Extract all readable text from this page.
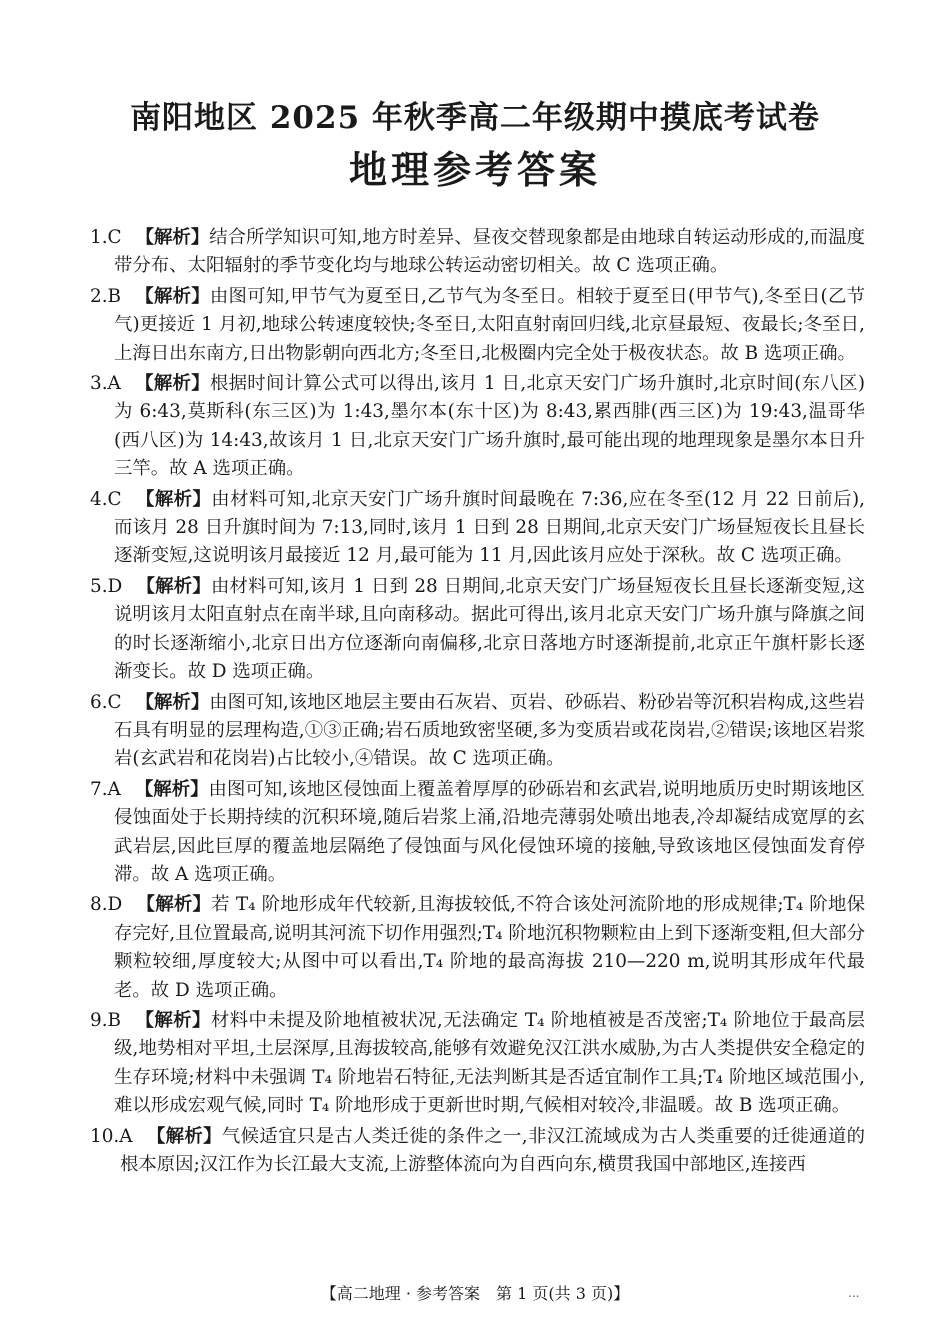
南阳地区 2025 年秋季高二年级期中摸底考试卷
地理参考答案
1.C 【解析】结合所学知识可知,地方时差异、昼夜交替现象都是由地球自转运动形成的,而温度带分布、太阳辐射的季节变化均与地球公转运动密切相关。故 C 选项正确。
2.B 【解析】由图可知,甲节气为夏至日,乙节气为冬至日。相较于夏至日(甲节气),冬至日(乙节气)更接近 1 月初,地球公转速度较快;冬至日,太阳直射南回归线,北京昼最短、夜最长;冬至日,上海日出东南方,日出物影朝向西北方;冬至日,北极圈内完全处于极夜状态。故 B 选项正确。
3.A 【解析】根据时间计算公式可以得出,该月 1 日,北京天安门广场升旗时,北京时间(东八区)为 6:43,莫斯科(东三区)为 1:43,墨尔本(东十区)为 8:43,累西腓(西三区)为 19:43,温哥华(西八区)为 14:43,故该月 1 日,北京天安门广场升旗时,最可能出现的地理现象是墨尔本日升三竿。故 A 选项正确。
4.C 【解析】由材料可知,北京天安门广场升旗时间最晚在 7:36,应在冬至(12 月 22 日前后),而该月 28 日升旗时间为 7:13,同时,该月 1 日到 28 日期间,北京天安门广场昼短夜长且昼长逐渐变短,这说明该月最接近 12 月,最可能为 11 月,因此该月应处于深秋。故 C 选项正确。
5.D 【解析】由材料可知,该月 1 日到 28 日期间,北京天安门广场昼短夜长且昼长逐渐变短,这说明该月太阳直射点在南半球,且向南移动。据此可得出,该月北京天安门广场升旗与降旗之间的时长逐渐缩小,北京日出方位逐渐向南偏移,北京日落地方时逐渐提前,北京正午旗杆影长逐渐变长。故 D 选项正确。
6.C 【解析】由图可知,该地区地层主要由石灰岩、页岩、砂砾岩、粉砂岩等沉积岩构成,这些岩石具有明显的层理构造,①③正确;岩石质地致密坚硬,多为变质岩或花岗岩,②错误;该地区岩浆岩(玄武岩和花岗岩)占比较小,④错误。故 C 选项正确。
7.A 【解析】由图可知,该地区侵蚀面上覆盖着厚厚的砂砾岩和玄武岩,说明地质历史时期该地区侵蚀面处于长期持续的沉积环境,随后岩浆上涌,沿地壳薄弱处喷出地表,冷却凝结成宽厚的玄武岩层,因此巨厚的覆盖地层隔绝了侵蚀面与风化侵蚀环境的接触,导致该地区侵蚀面发育停滞。故 A 选项正确。
8.D 【解析】若 T₄ 阶地形成年代较新,且海拔较低,不符合该处河流阶地的形成规律;T₄ 阶地保存完好,且位置最高,说明其河流下切作用强烈;T₄ 阶地沉积物颗粒由上到下逐渐变粗,但大部分颗粒较细,厚度较大;从图中可以看出,T₄ 阶地的最高海拔 210—220 m,说明其形成年代最老。故 D 选项正确。
9.B 【解析】材料中未提及阶地植被状况,无法确定 T₄ 阶地植被是否茂密;T₄ 阶地位于最高层级,地势相对平坦,土层深厚,且海拔较高,能够有效避免汉江洪水威胁,为古人类提供安全稳定的生存环境;材料中未强调 T₄ 阶地岩石特征,无法判断其是否适宜制作工具;T₄ 阶地区域范围小,难以形成宏观气候,同时 T₄ 阶地形成于更新世时期,气候相对较冷,非温暖。故 B 选项正确。
10.A 【解析】气候适宜只是古人类迁徙的条件之一,非汉江流域成为古人类重要的迁徙通道的根本原因;汉江作为长江最大支流,上游整体流向为自西向东,横贯我国中部地区,连接西
【高二地理 · 参考答案　第 1 页(共 3 页)】	...
